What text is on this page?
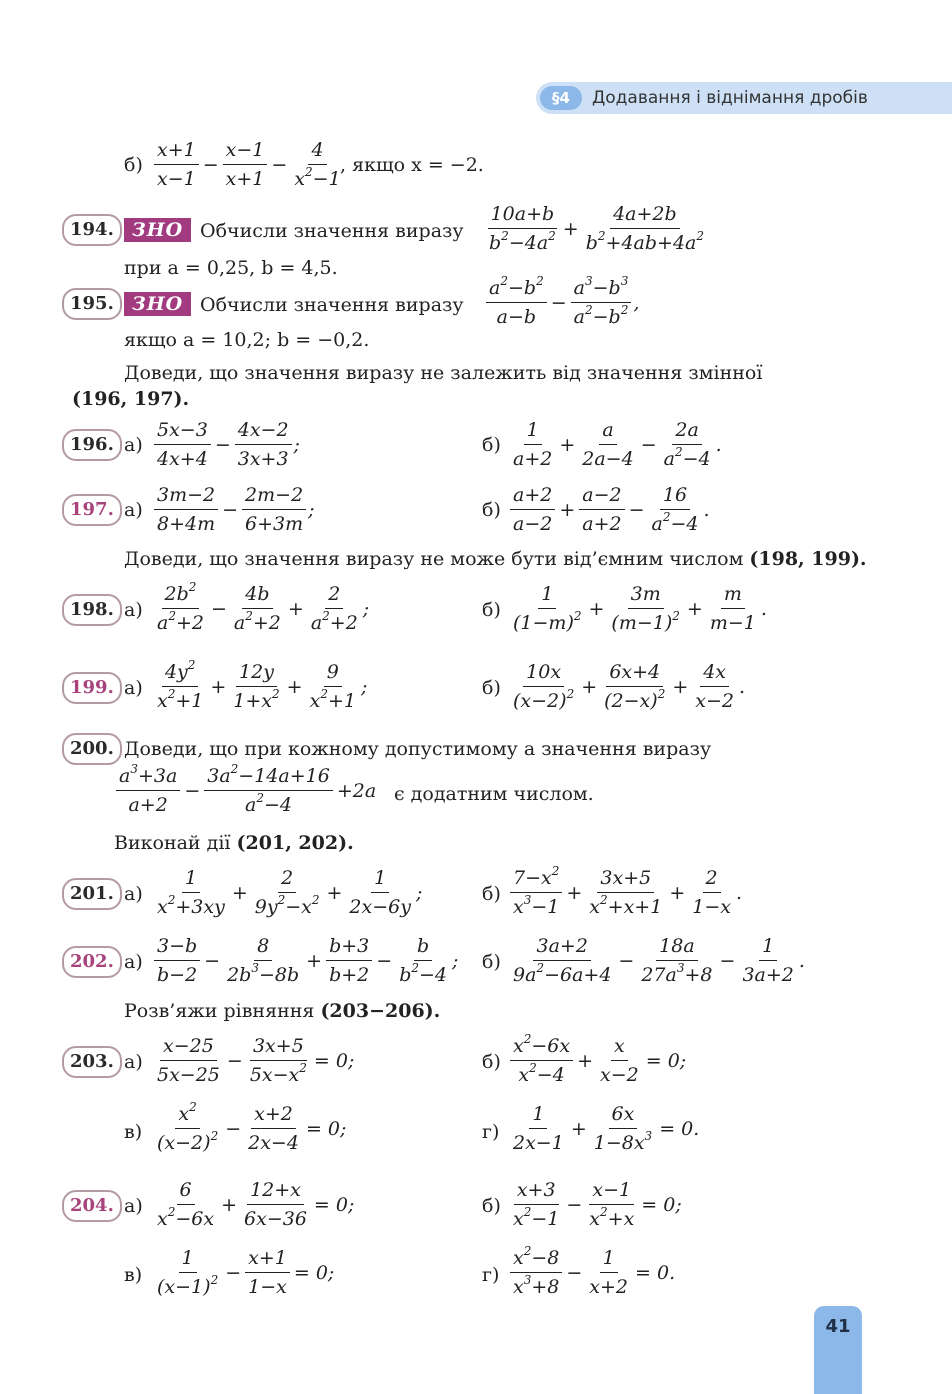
§4	Додавання і віднімання дробів
$б) \frac{x+1}{x-1} - \frac{x-1}{x+1} - \frac{4}{x^2-1}$
, якщо x = −2.
194. ЗНО Обчисли значення виразу $\frac{10a+b}{b^2-4a^2} + \frac{4a+2b}{b^2+4ab+4a^2}$
при a = 0,25, b = 4,5.
195. ЗНО Обчисли значення виразу $\frac{a^2-b^2}{a-b} - \frac{a^3-b^3}{a^2-b^2}$ ,
якщо a = 10,2; b = −0,2.
Доведи, що значення виразу не залежить від значення змінної
(196, 197).
196. $а) \frac{5x-3}{4x+4} - \frac{4x-2}{3x+3}$ ;	$б) \frac{1}{a+2} + \frac{a}{2a-4} - \frac{2a}{a^2-4}$ .
197. $а) \frac{3m-2}{8+4m} - \frac{2m-2}{6+3m}$ ;	$б) \frac{a+2}{a-2} + \frac{a-2}{a+2} - \frac{16}{a^2-4}$ .
Доведи, що значення виразу не може бути від’ємним числом (198, 199).
198. $а) \frac{2b^2}{a^2+2} - \frac{4b}{a^2+2} + \frac{2}{a^2+2}$ ;	$б) \frac{1}{(1-m)^2} + \frac{3m}{(m-1)^2} + \frac{m}{m-1}$ .
199. $а) \frac{4y^2}{x^2+1} + \frac{12y}{1+x^2} + \frac{9}{x^2+1}$ ;	$б) \frac{10x}{(x-2)^2} + \frac{6x+4}{(2-x)^2} + \frac{4x}{x-2}$ .
200. Доведи, що при кожному допустимому a значення виразу
$\frac{a^3+3a}{a+2} - \frac{3a^2-14a+16}{a^2-4} +2a$ є додатним числом.
Виконай дії (201, 202).
201. $а) \frac{1}{x^2+3xy} + \frac{2}{9y^2-x^2} + \frac{1}{2x-6y}$ ;	$б) \frac{7-x^2}{x^3-1} + \frac{3x+5}{x^2+x+1} + \frac{2}{1-x}$ .
202. $а) \frac{3-b}{b-2} - \frac{8}{2b^3-8b} + \frac{b+3}{b+2} - \frac{b}{b^2-4}$ ; $б) \frac{3a+2}{9a^2-6a+4} - \frac{18a}{27a^3+8} - \frac{1}{3a+2}$ .
Розв’яжи рівняння (203−206).
203. $а) \frac{x-25}{5x-25} - \frac{3x+5}{5x-x^2} = 0$;	$б) \frac{x^2-6x}{x^2-4} + \frac{x}{x-2} = 0$;
$в) \frac{x^2}{(x-2)^2} - \frac{x+2}{2x-4} = 0$;	$г) \frac{1}{2x-1} + \frac{6x}{1-8x^3} = 0$.
204. $а) \frac{6}{x^2-6x} + \frac{12+x}{6x-36} = 0$;	$б) \frac{x+3}{x^2-1} - \frac{x-1}{x^2+x} = 0$;
$в) \frac{1}{(x-1)^2} - \frac{x+1}{1-x} = 0$;	$г) \frac{x^2-8}{x^3+8} - \frac{1}{x+2} = 0$.
41
